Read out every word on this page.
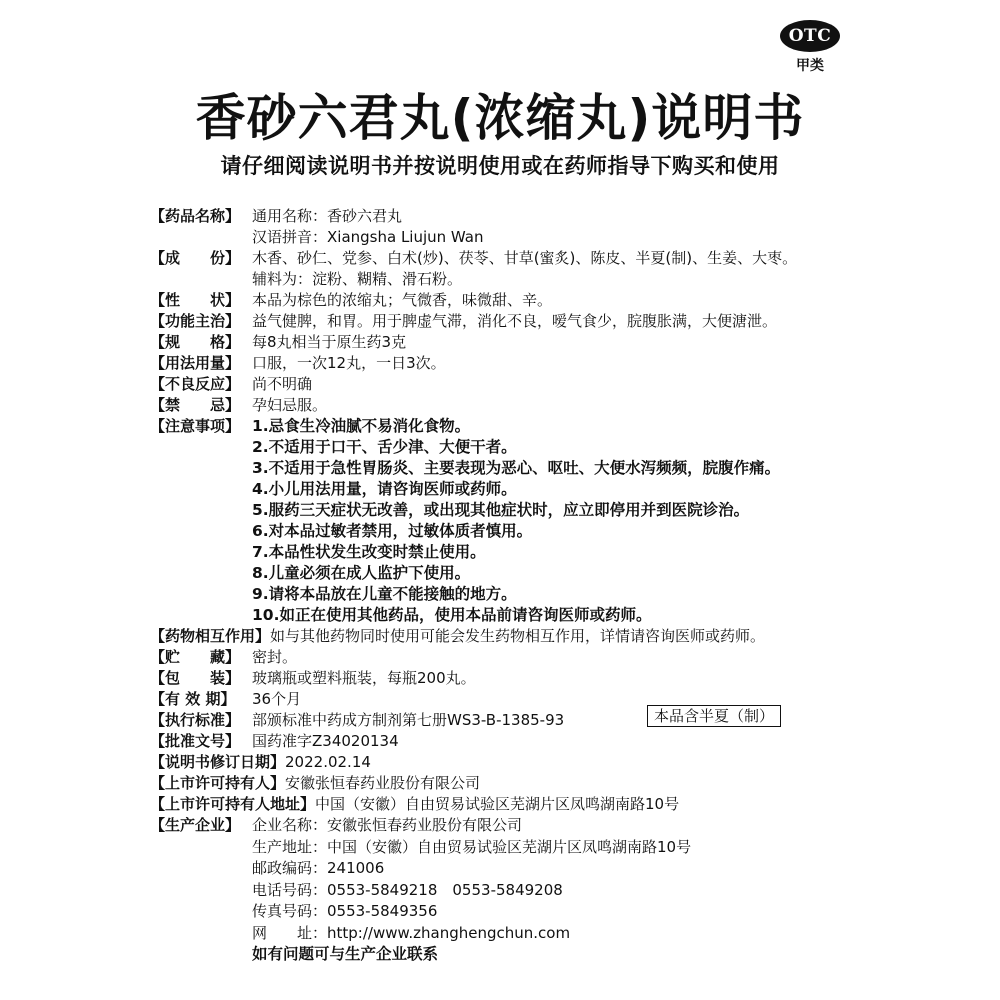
OTC
甲类
香砂六君丸(浓缩丸)说明书
请仔细阅读说明书并按说明使用或在药师指导下购买和使用
【药品名称】 通用名称：香砂六君丸
汉语拼音：Xiangsha Liujun Wan
【成　　份】 木香、砂仁、党参、白术(炒)、茯苓、甘草(蜜炙)、陈皮、半夏(制)、生姜、大枣。
辅料为：淀粉、糊精、滑石粉。
【性　　状】 本品为棕色的浓缩丸；气微香，味微甜、辛。
【功能主治】 益气健脾，和胃。用于脾虚气滞，消化不良，嗳气食少，脘腹胀满，大便溏泄。
【规　　格】 每8丸相当于原生药3克
【用法用量】 口服，一次12丸，一日3次。
【不良反应】 尚不明确
【禁　　忌】 孕妇忌服。
【注意事项】 1.忌食生冷油腻不易消化食物。
2.不适用于口干、舌少津、大便干者。
3.不适用于急性胃肠炎、主要表现为恶心、呕吐、大便水泻频频，脘腹作痛。
4.小儿用法用量，请咨询医师或药师。
5.服药三天症状无改善，或出现其他症状时，应立即停用并到医院诊治。
6.对本品过敏者禁用，过敏体质者慎用。
7.本品性状发生改变时禁止使用。
8.儿童必须在成人监护下使用。
9.请将本品放在儿童不能接触的地方。
10.如正在使用其他药品，使用本品前请咨询医师或药师。
【药物相互作用】 如与其他药物同时使用可能会发生药物相互作用，详情请咨询医师或药师。
【贮　　藏】 密封。
【包　　装】 玻璃瓶或塑料瓶装，每瓶200丸。
【有 效 期】	36个月
【执行标准】 部颁标准中药成方制剂第七册WS3-B-1385-93
【批准文号】 国药准字Z34020134
【说明书修订日期】 2022.02.14
【上市许可持有人】 安徽张恒春药业股份有限公司
【上市许可持有人地址】 中国（安徽）自由贸易试验区芜湖片区凤鸣湖南路10号
【生产企业】 企业名称：安徽张恒春药业股份有限公司
生产地址：中国（安徽）自由贸易试验区芜湖片区凤鸣湖南路10号
邮政编码：241006
电话号码：0553-5849218　0553-5849208
传真号码：0553-5849356
网　　址：http://www.zhanghengchun.com
如有问题可与生产企业联系
本品含半夏（制）
